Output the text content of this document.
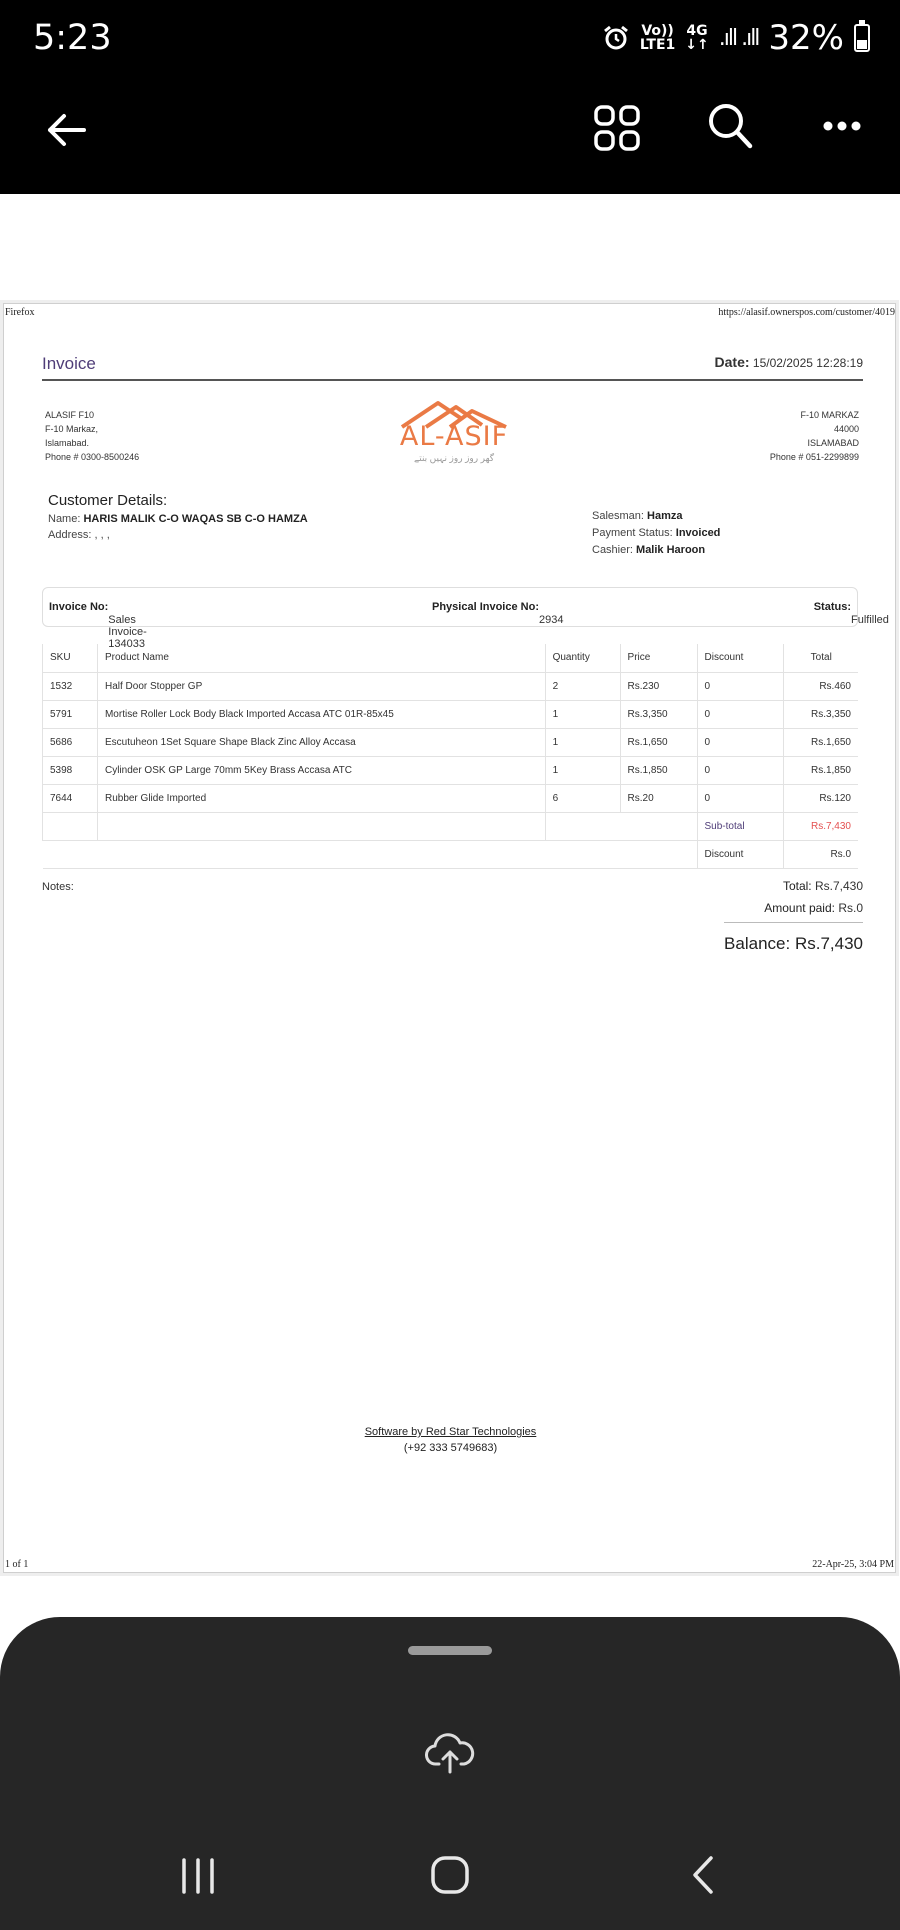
5:23	Vo))
LTE1
4G
↓↑ .ıll .ıll 32%
Firefox	https://alasif.ownerspos.com/customer/4019
Invoice	Date: 15/02/2025 12:28:19
ALASIF F10
F-10 Markaz,
Islamabad.
Phone # 0300-8500246
AL-ASIF
گھر روز روز نہیں بنتے
F-10 MARKAZ
44000
ISLAMABAD
Phone # 051-2299899
Customer Details:
Name: HARIS MALIK C-O WAQAS SB C-O HAMZA
Address: , , ,
Salesman: Hamza
Payment Status: Invoiced
Cashier: Malik Haroon
Invoice No:
Sales Invoice-134033
Physical Invoice No:
2934
Status:
Fulfilled
SKU	Product Name	Quantity	Price	Discount	Total
1532	Half Door Stopper GP	2	Rs.230	0	Rs.460
5791	Mortise Roller Lock Body Black Imported Accasa ATC 01R-85x45	1	Rs.3,350	0	Rs.3,350
5686	Escutuheon 1Set Square Shape Black Zinc Alloy Accasa	1	Rs.1,650	0	Rs.1,650
5398	Cylinder OSK GP Large 70mm 5Key Brass Accasa ATC	1	Rs.1,850	0	Rs.1,850
7644	Rubber Glide Imported	6	Rs.20	0	Rs.120
				Sub-total	Rs.7,430
				Discount	Rs.0
Notes:	Total: Rs.7,430
Amount paid: Rs.0
Balance: Rs.7,430
Software by Red Star Technologies
(+92 333 5749683)
1 of 1	22-Apr-25, 3:04 PM
